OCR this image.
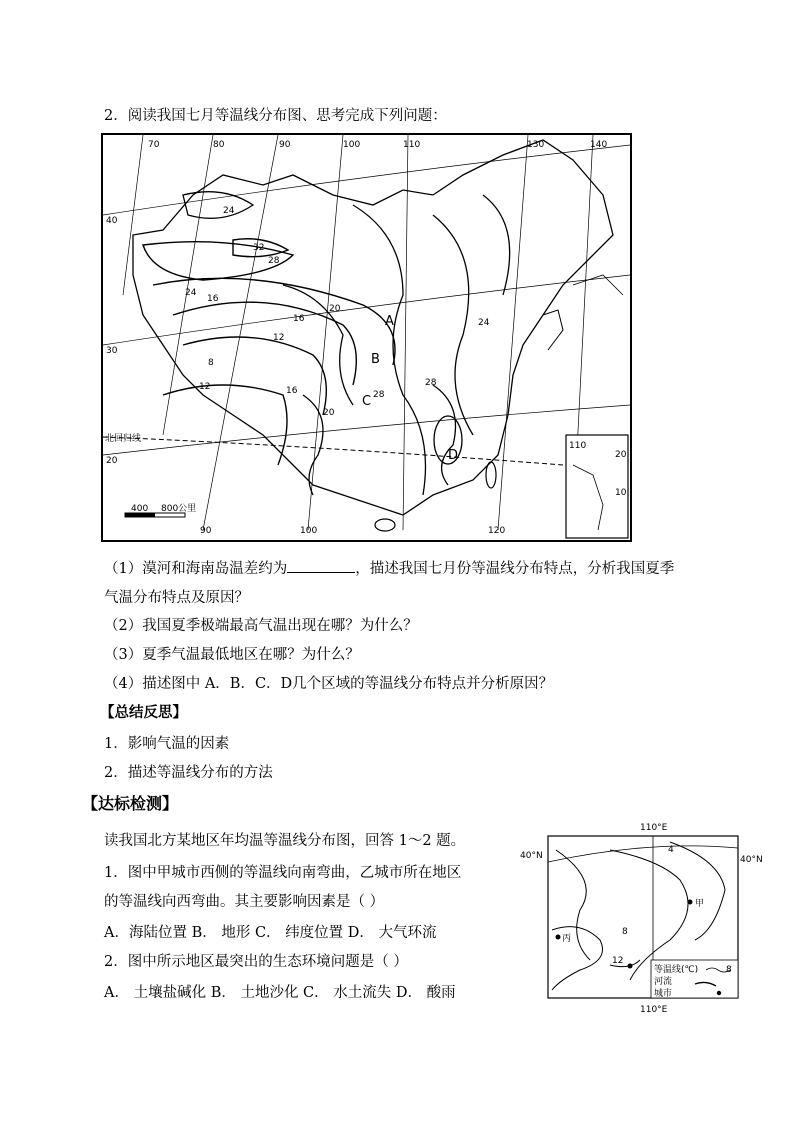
2．阅读我国七月等温线分布图、思考完成下列问题：
70	80	90	100	110	130	140
90	100	120
40
30
20
24
32
28
24
16
20
16
12
8
12	16
20
24
28
28
A
B
C
D
北回归线
400 800公里
110
20
10
（1）漠河和海南岛温差约为	，描述我国七月份等温线分布特点，分析我国夏季
气温分布特点及原因？
（2）我国夏季极端最高气温出现在哪？为什么？
（3）夏季气温最低地区在哪？为什么？
（4）描述图中 A．B．C．D几个区域的等温线分布特点并分析原因？
【总结反思】
1．影响气温的因素
2．描述等温线分布的方法
【达标检测】
读我国北方某地区年均温等温线分布图，回答 1～2 题。
1．图中甲城市西侧的等温线向南弯曲，乙城市所在地区
的等温线向西弯曲。其主要影响因素是（ ）
A．海陆位置 B． 地形 C． 纬度位置 D． 大气环流
2．图中所示地区最突出的生态环境问题是（ ）
A． 土壤盐碱化 B． 土地沙化 C． 水土流失 D． 酸雨
110°E
110°E
40°N	40°N
4
8
12
甲
丙
等温线(℃)	8
河流
城市
